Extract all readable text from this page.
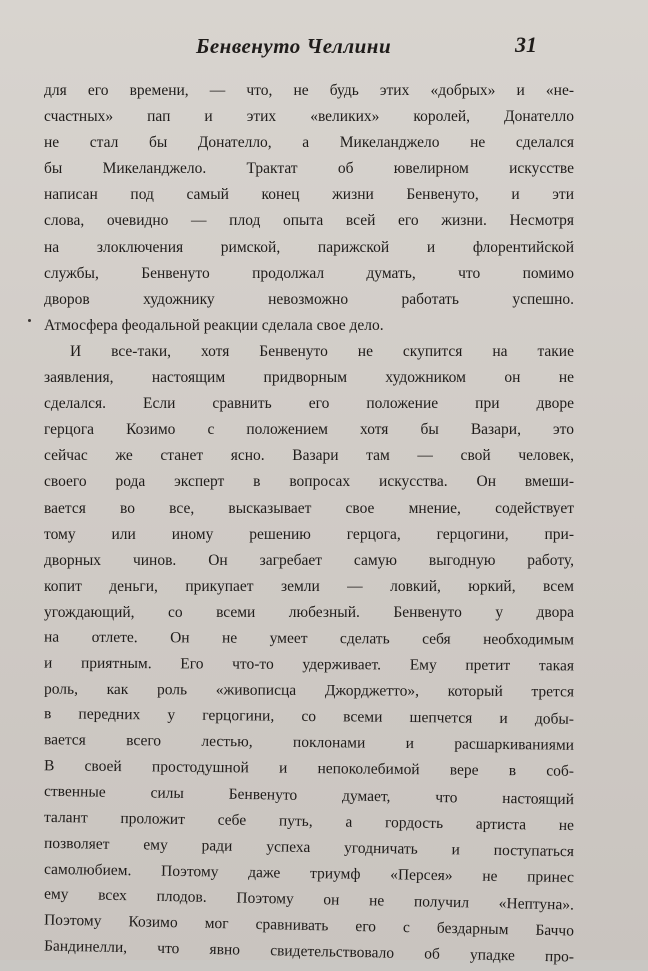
Бенвенуто Челлини	31
для его времени, — что, не будь этих «добрых» и «не-
счастных» пап и этих «великих» королей, Донателло
не стал бы Донателло, а Микеланджело не сделался
бы Микеланджело. Трактат об ювелирном искусстве
написан под самый конец жизни Бенвенуто, и эти
слова, очевидно — плод опыта всей его жизни. Несмотря
на злоключения римской, парижской и флорентийской
службы, Бенвенуто продолжал думать, что помимо
дворов художнику невозможно работать успешно.
Атмосфера феодальной реакции сделала свое дело.
И все-таки, хотя Бенвенуто не скупится на такие
заявления, настоящим придворным художником он не
сделался. Если сравнить его положение при дворе
герцога Козимо с положением хотя бы Вазари, это
сейчас же станет ясно. Вазари там — свой человек,
своего рода эксперт в вопросах искусства. Он вмеши-
вается во все, высказывает свое мнение, содействует
тому или иному решению герцога, герцогини, при-
дворных чинов. Он загребает самую выгодную работу,
копит деньги, прикупает земли — ловкий, юркий, всем
угождающий, со всеми любезный. Бенвенуто у двора
на отлете. Он не умеет сделать себя необходимым
и приятным. Его что-то удерживает. Ему претит такая
роль, как роль «живописца Джорджетто», который трется
в передних у герцогини, со всеми шепчется и добы-
вается всего лестью, поклонами и расшаркиваниями
В своей простодушной и непоколебимой вере в соб-
ственные силы Бенвенуто думает, что настоящий
талант проложит себе путь, а гордость артиста не
позволяет ему ради успеха угодничать и поступаться
самолюбием. Поэтому даже триумф «Персея» не принес
ему всех плодов. Поэтому он не получил «Нептуна».
Поэтому Козимо мог сравнивать его с бездарным Баччо
Бандинелли, что явно свидетельствовало об упадке про-
